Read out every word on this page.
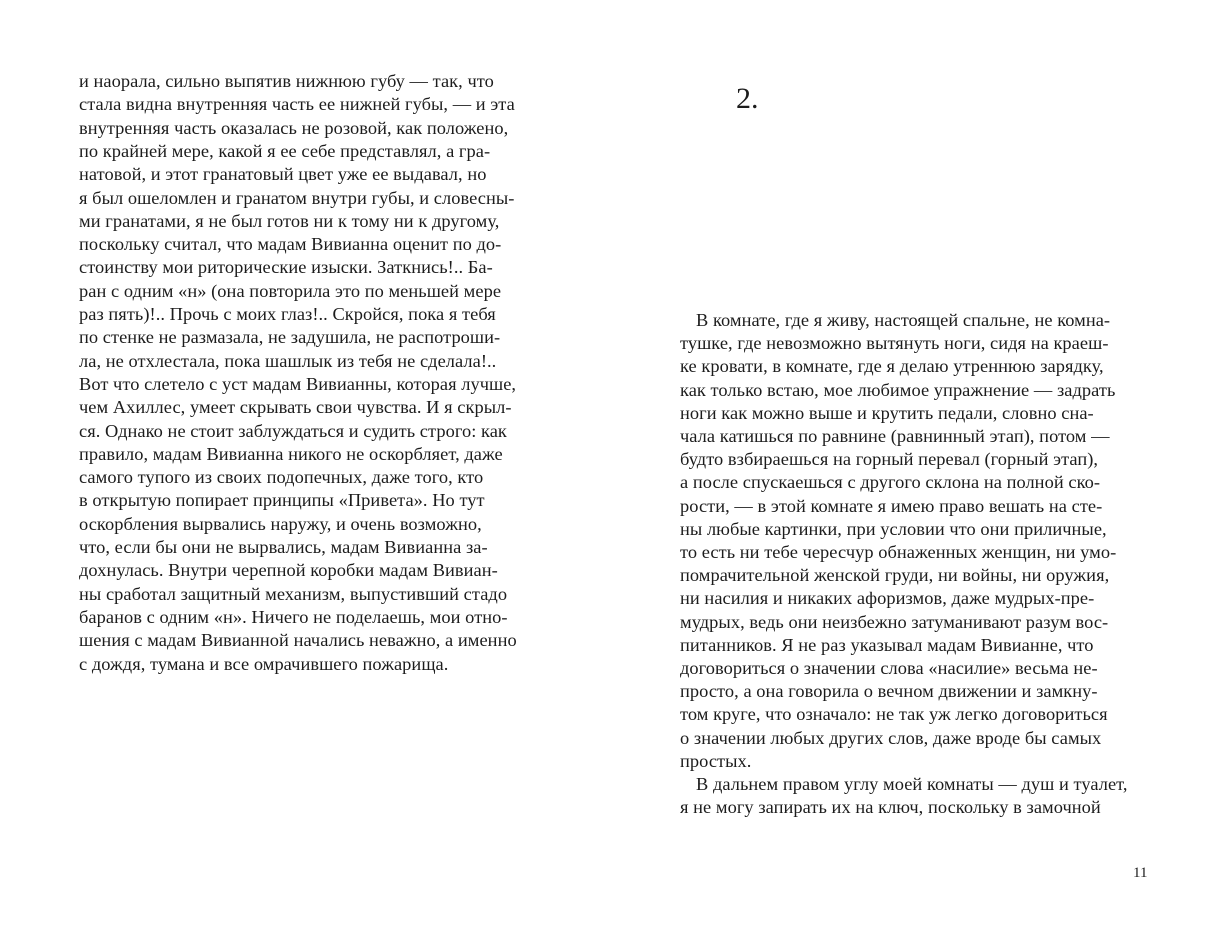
и наорала, сильно выпятив нижнюю губу — так, что
стала видна внутренняя часть ее нижней губы, — и эта
внутренняя часть оказалась не розовой, как положено,
по крайней мере, какой я ее себе представлял, а гра-
натовой, и этот гранатовый цвет уже ее выдавал, но
я был ошеломлен и гранатом внутри губы, и словесны-
ми гранатами, я не был готов ни к тому ни к другому,
поскольку считал, что мадам Вивианна оценит по до-
стоинству мои риторические изыски. Заткнись!.. Ба-
ран с одним «н» (она повторила это по меньшей мере
раз пять)!.. Прочь с моих глаз!.. Скройся, пока я тебя
по стенке не размазала, не задушила, не распотроши-
ла, не отхлестала, пока шашлык из тебя не сделала!..
Вот что слетело с уст мадам Вивианны, которая лучше,
чем Ахиллес, умеет скрывать свои чувства. И я скрыл-
ся. Однако не стоит заблуждаться и судить строго: как
правило, мадам Вивианна никого не оскорбляет, даже
самого тупого из своих подопечных, даже того, кто
в открытую попирает принципы «Привета». Но тут
оскорбления вырвались наружу, и очень возможно,
что, если бы они не вырвались, мадам Вивианна за-
дохнулась. Внутри черепной коробки мадам Вивиан-
ны сработал защитный механизм, выпустивший стадо
баранов с одним «н». Ничего не поделаешь, мои отно-
шения с мадам Вивианной начались неважно, а именно
с дождя, тумана и все омрачившего пожарища.
2.
В комнате, где я живу, настоящей спальне, не комна-
тушке, где невозможно вытянуть ноги, сидя на краеш-
ке кровати, в комнате, где я делаю утреннюю зарядку,
как только встаю, мое любимое упражнение — задрать
ноги как можно выше и крутить педали, словно сна-
чала катишься по равнине (равнинный этап), потом —
будто взбираешься на горный перевал (горный этап),
а после спускаешься с другого склона на полной ско-
рости, — в этой комнате я имею право вешать на сте-
ны любые картинки, при условии что они приличные,
то есть ни тебе чересчур обнаженных женщин, ни умо-
помрачительной женской груди, ни войны, ни оружия,
ни насилия и никаких афоризмов, даже мудрых-пре-
мудрых, ведь они неизбежно затуманивают разум вос-
питанников. Я не раз указывал мадам Вивианне, что
договориться о значении слова «насилие» весьма не-
просто, а она говорила о вечном движении и замкну-
том круге, что означало: не так уж легко договориться
о значении любых других слов, даже вроде бы самых
простых.
В дальнем правом углу моей комнаты — душ и туалет,
я не могу запирать их на ключ, поскольку в замочной
11
